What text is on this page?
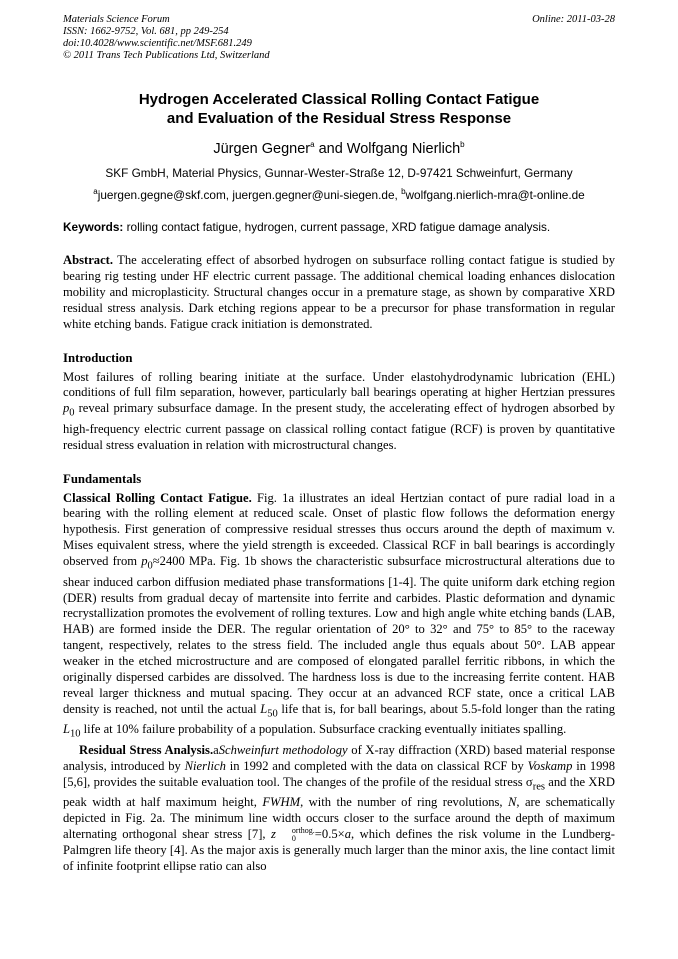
Materials Science Forum
ISSN: 1662-9752, Vol. 681, pp 249-254
doi:10.4028/www.scientific.net/MSF.681.249
© 2011 Trans Tech Publications Ltd, Switzerland
Online: 2011-03-28
Hydrogen Accelerated Classical Rolling Contact Fatigue
and Evaluation of the Residual Stress Response
Jürgen Gegner$^a$ and Wolfgang Nierlich$^b$
SKF GmbH, Material Physics, Gunnar-Wester-Straße 12, D-97421 Schweinfurt, Germany
$^a$juergen.gegne@skf.com, juergen.gegner@uni-siegen.de, $^b$wolfgang.nierlich-mra@t-online.de
Keywords: rolling contact fatigue, hydrogen, current passage, XRD fatigue damage analysis.

Abstract. The accelerating effect of absorbed hydrogen on subsurface rolling contact fatigue is studied by bearing rig testing under HF electric current passage. The additional chemical loading enhances dislocation mobility and microplasticity. Structural changes occur in a premature stage, as shown by comparative XRD residual stress analysis. Dark etching regions appear to be a precursor for phase transformation in regular white etching bands. Fatigue crack initiation is demonstrated.

Introduction

Most failures of rolling bearing initiate at the surface. Under elastohydrodynamic lubrication (EHL) conditions of full film separation, however, particularly ball bearings operating at higher Hertzian pressures $p_0$ reveal primary subsurface damage. In the present study, the accelerating effect of hydrogen absorbed by high-frequency electric current passage on classical rolling contact fatigue (RCF) is proven by quantitative residual stress evaluation in relation with microstructural changes.

Fundamentals

Classical Rolling Contact Fatigue. Fig. 1a illustrates an ideal Hertzian contact of pure radial load in a bearing with the rolling element at reduced scale. Onset of plastic flow follows the deformation energy hypothesis. First generation of compressive residual stresses thus occurs around the depth of maximum v. Mises equivalent stress, where the yield strength is exceeded. Classical RCF in ball bearings is accordingly observed from $p_0\approx 2400$ MPa. Fig. 1b shows the characteristic subsurface microstructural alterations due to shear induced carbon diffusion mediated phase transformations [1-4]. The quite uniform dark etching region (DER) results from gradual decay of martensite into ferrite and carbides. Plastic deformation and dynamic recrystallization promotes the evolvement of rolling textures. Low and high angle white etching bands (LAB, HAB) are formed inside the DER. The regular orientation of 20° to 32° and 75° to 85° to the raceway tangent, respectively, relates to the stress field. The included angle thus equals about 50°. LAB appear weaker in the etched microstructure and are composed of elongated parallel ferritic ribbons, in which the originally dispersed carbides are dissolved. The hardness loss is due to the increasing ferrite content. HAB reveal larger thickness and mutual spacing. They occur at an advanced RCF state, once a critical LAB density is reached, not until the actual $L_{50}$ life that is, for ball bearings, about 5.5-fold longer than the rating $L_{10}$ life at 10% failure probability of a population. Subsurface cracking eventually initiates spalling.

Residual Stress Analysis.aSchweinfurt methodology of X-ray diffraction (XRD) based material response analysis, introduced by Nierlich in 1992 and completed with the data on classical RCF by Voskamp in 1998 [5,6], provides the suitable evaluation tool. The changes of the profile of the residual stress $\sigma_{res}$ and the XRD peak width at half maximum height, FWHM, with the number of ring revolutions, N, are schematically depicted in Fig. 2a. The minimum line width occurs closer to the surface around the depth of maximum alternating orthogonal shear stress [7], z	orthog.
0	=0.5×a, which defines the risk volume in the Lundberg-Palmgren life theory [4]. As the major axis is generally much larger than the minor axis, the line contact limit of infinite footprint ellipse ratio can also
